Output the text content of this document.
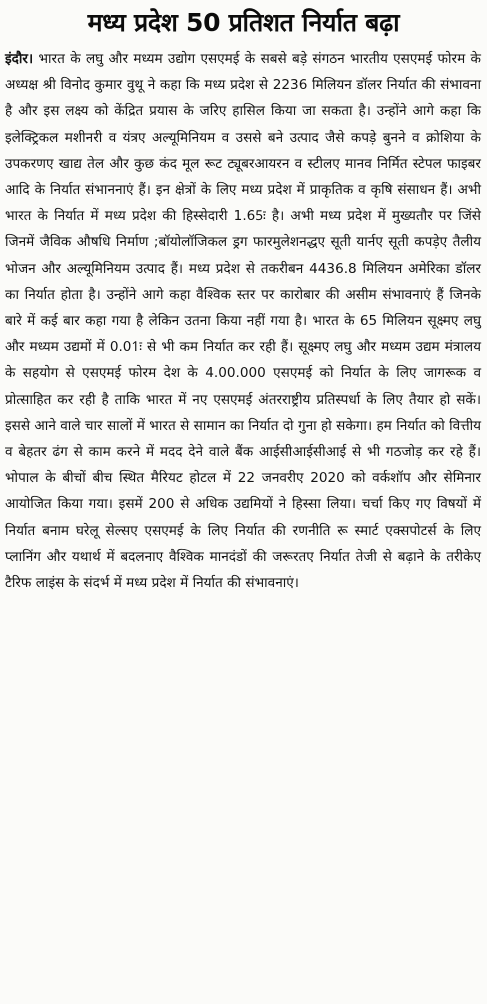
मध्य प्रदेश 50 प्रतिशत निर्यात बढ़ा

इंदौर। भारत के लघु और मध्यम उद्योग एसएमई के सबसे बड़े संगठन भारतीय एसएमई फोरम के अध्यक्ष श्री विनोद कुमार वुथू ने कहा कि मध्य प्रदेश से 2236 मिलियन डॉलर निर्यात की संभावना है और इस लक्ष्य को केंद्रित प्रयास के जरिए हासिल किया जा सकता है। उन्होंने आगे कहा कि इलेक्ट्रिकल मशीनरी व यंत्रए अल्यूमिनियम व उससे बने उत्पाद जैसे कपड़े बुनने व क्रोशिया के उपकरणए खाद्य तेल और कुछ कंद मूल रूट ट्यूबरआयरन व स्टीलए मानव निर्मित स्टेपल फाइबर आदि के निर्यात संभाननाएं हैं। इन क्षेत्रों के लिए मध्य प्रदेश में प्राकृतिक व कृषि संसाधन हैं। अभी भारत के निर्यात में मध्य प्रदेश की हिस्सेदारी 1.65ः है। अभी मध्य प्रदेश में मुख्यतौर पर जिंसे जिनमें जैविक औषधि निर्माण ;बॉयोलॉजिकल ड्रग फारमुलेशनद्धए सूती यार्नए सूती कपड़ेए तैलीय भोजन और अल्यूमिनियम उत्पाद हैं। मध्य प्रदेश से तकरीबन 4436.8 मिलियन अमेरिका डॉलर का निर्यात होता है। उन्होंने आगे कहा वैश्विक स्तर पर कारोबार की असीम संभावनाएं हैं जिनके बारे में कई बार कहा गया है लेकिन उतना किया नहीं गया है। भारत के 65 मिलियन सूक्ष्मए लघु और मध्यम उद्यमों में 0.01ः से भी कम निर्यात कर रही हैं। सूक्ष्मए लघु और मध्यम उद्यम मंत्रालय के सहयोग से एसएमई फोरम देश के 4.00.000 एसएमई को निर्यात के लिए जागरूक व प्रोत्साहित कर रही है ताकि भारत में नए एसएमई अंतरराष्ट्रीय प्रतिस्पर्धा के लिए तैयार हो सकें। इससे आने वाले चार सालों में भारत से सामान का निर्यात दो गुना हो सकेगा। हम निर्यात को वित्तीय व बेहतर ढंग से काम करने में मदद देने वाले बैंक आईसीआईसीआई से भी गठजोड़ कर रहे हैं। भोपाल के बीचों बीच स्थित मैरियट होटल में 22 जनवरीए 2020 को वर्कशॉप और सेमिनार आयोजित किया गया। इसमें 200 से अधिक उद्यमियों ने हिस्सा लिया। चर्चा किए गए विषयों में निर्यात बनाम घरेलू सेल्सए एसएमई के लिए निर्यात की रणनीति रू स्मार्ट एक्सपोटर्स के लिए प्लानिंग और यथार्थ में बदलनाए वैश्विक मानदंडों की जरूरतए निर्यात तेजी से बढ़ाने के तरीकेए टैरिफ लाइंस के संदर्भ में मध्य प्रदेश में निर्यात की संभावनाएं।
